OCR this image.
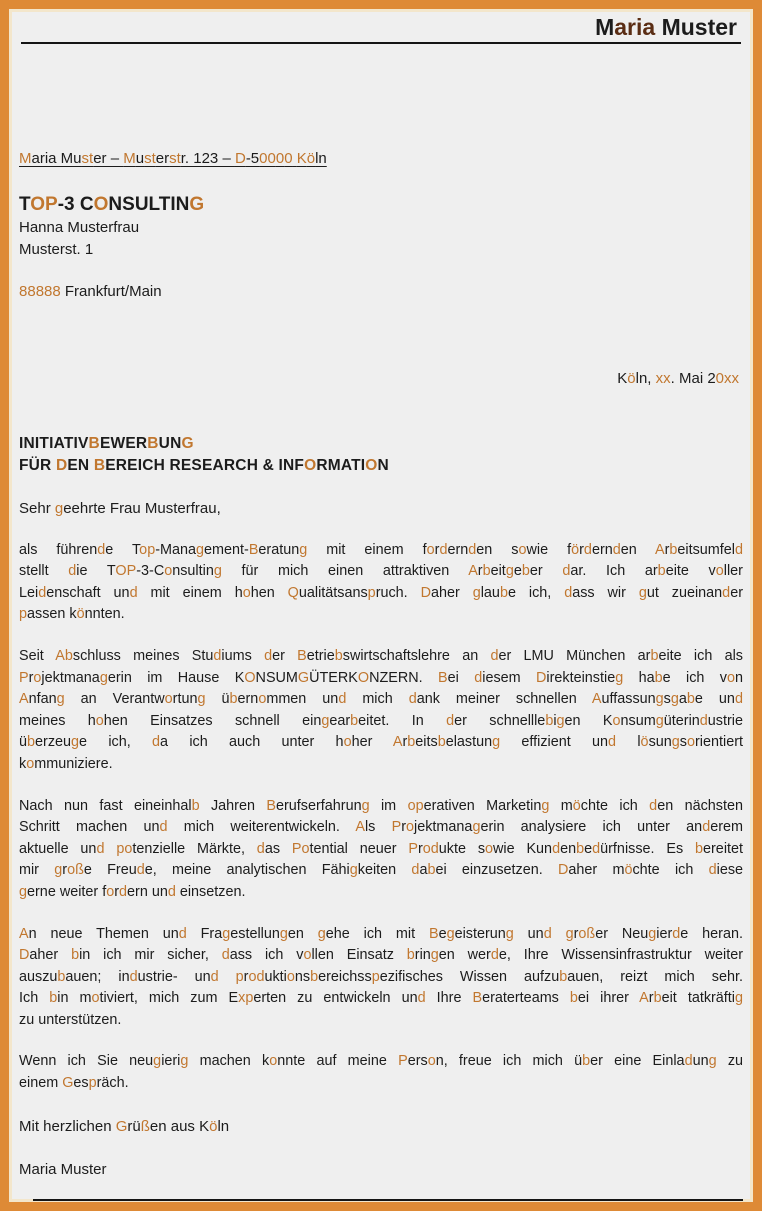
Maria Muster
Maria Muster – Musterstr. 123 – D-50000 Köln
TOP-3 CONSULTING
Hanna Musterfrau
Musterst. 1
88888 Frankfurt/Main
Köln, xx. Mai 20xx
INITIATIVBEWERBUNG
FÜR DEN BEREICH RESEARCH & INFORMATION
Sehr geehrte Frau Musterfrau,
als führende Top-Management-Beratung mit einem fordernden sowie fördernden Arbeitsumfeld
stellt die TOP-3-Consulting für mich einen attraktiven Arbeitgeber dar. Ich arbeite voller
Leidenschaft und mit einem hohen Qualitätsanspruch. Daher glaube ich, dass wir gut zueinander
passen könnten.
Seit Abschluss meines Studiums der Betriebswirtschaftslehre an der LMU München arbeite ich als
Projektmanagerin im Hause KONSUMGÜTERKONZERN. Bei diesem Direkteinstieg habe ich von
Anfang an Verantwortung übernommen und mich dank meiner schnellen Auffassungsgabe und
meines hohen Einsatzes schnell eingearbeitet. In der schnelllebigen Konsumgüterindustrie
überzeuge ich, da ich auch unter hoher Arbeitsbelastung effizient und lösungsorientiert
kommuniziere.
Nach nun fast eineinhalb Jahren Berufserfahrung im operativen Marketing möchte ich den nächsten
Schritt machen und mich weiterentwickeln. Als Projektmanagerin analysiere ich unter anderem
aktuelle und potenzielle Märkte, das Potential neuer Produkte sowie Kundenbedürfnisse. Es bereitet
mir große Freude, meine analytischen Fähigkeiten dabei einzusetzen. Daher möchte ich diese
gerne weiter fordern und einsetzen.
An neue Themen und Fragestellungen gehe ich mit Begeisterung und großer Neugierde heran.
Daher bin ich mir sicher, dass ich vollen Einsatz bringen werde, Ihre Wissensinfrastruktur weiter
auszubauen; industrie- und produktionsbereichsspezifisches Wissen aufzubauen, reizt mich sehr.
Ich bin motiviert, mich zum Experten zu entwickeln und Ihre Beraterteams bei ihrer Arbeit tatkräftig
zu unterstützen.
Wenn ich Sie neugierig machen konnte auf meine Person, freue ich mich über eine Einladung zu
einem Gespräch.
Mit herzlichen Grüßen aus Köln
Maria Muster
